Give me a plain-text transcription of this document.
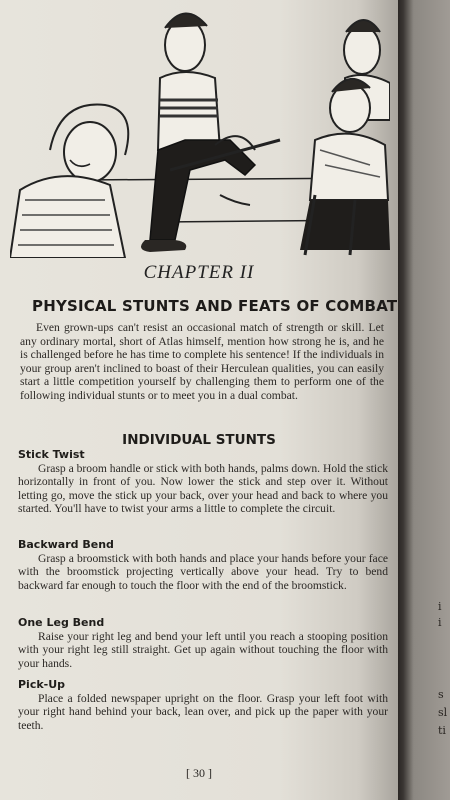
CHAPTER II
PHYSICAL STUNTS AND FEATS OF COMBAT
Even grown-ups can't resist an occasional match of strength or skill. Let any ordinary mortal, short of Atlas himself, mention how strong he is, and he is challenged before he has time to complete his sentence! If the individuals in your group aren't inclined to boast of their Herculean qualities, you can easily start a little competition yourself by challenging them to perform one of the following individual stunts or to meet you in a dual combat.
INDIVIDUAL STUNTS
Stick Twist
Grasp a broom handle or stick with both hands, palms down. Hold the stick horizontally in front of you. Now lower the stick and step over it. Without letting go, move the stick up your back, over your head and back to where you started. You'll have to twist your arms a little to complete the circuit.
Backward Bend
Grasp a broomstick with both hands and place your hands before your face with the broomstick projecting vertically above your head. Try to bend backward far enough to touch the floor with the end of the broomstick.
One Leg Bend
Raise your right leg and bend your left until you reach a stooping position with your right leg still straight. Get up again without touching the floor with your hands.
Pick-Up
Place a folded newspaper upright on the floor. Grasp your left foot with your right hand behind your back, lean over, and pick up the paper with your teeth.
[ 30 ]
i
i
s
sl
ti
